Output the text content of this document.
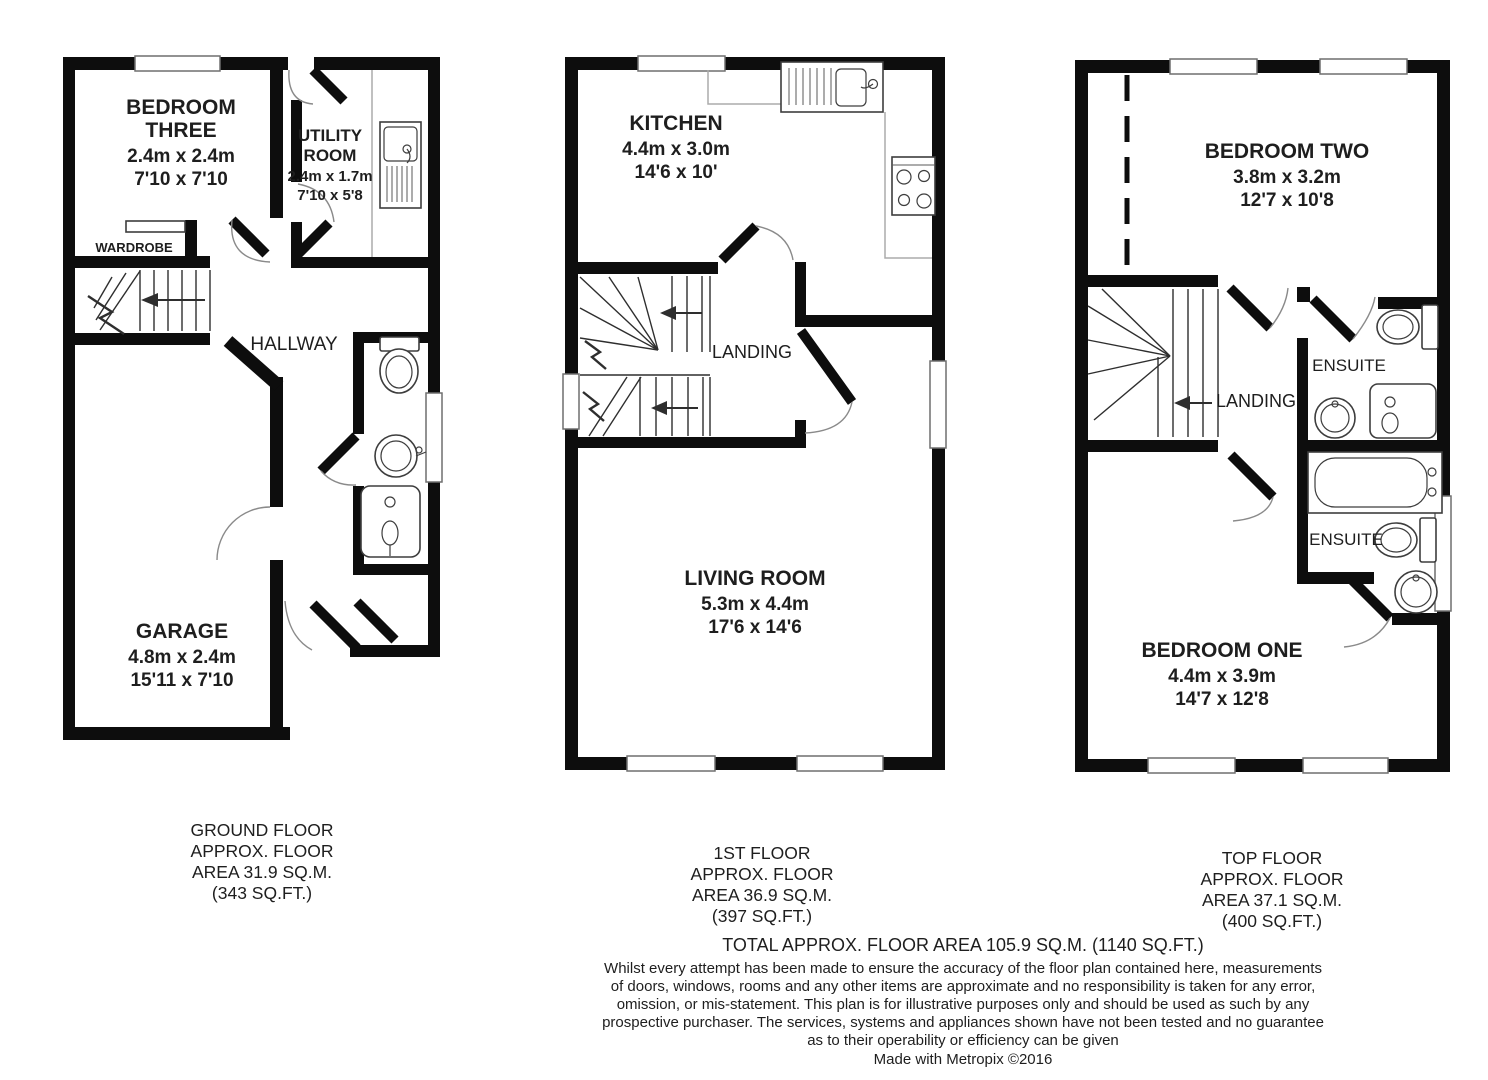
BEDROOM
THREE
2.4m x 2.4m
7'10 x 7'10
UTILITY
ROOM
2.4m x 1.7m
7'10 x 5'8
WARDROBE
HALLWAY
GARAGE
4.8m x 2.4m
15'11 x 7'10
KITCHEN
4.4m x 3.0m
14'6 x 10'
LANDING
LIVING ROOM
5.3m x 4.4m
17'6 x 14'6
BEDROOM TWO
3.8m x 3.2m
12'7 x 10'8
LANDING
ENSUITE
ENSUITE
BEDROOM ONE
4.4m x 3.9m
14'7 x 12'8
GROUND FLOOR
APPROX. FLOOR
AREA 31.9 SQ.M.
(343 SQ.FT.)
1ST FLOOR
APPROX. FLOOR
AREA 36.9 SQ.M.
(397 SQ.FT.)
TOP FLOOR
APPROX. FLOOR
AREA 37.1 SQ.M.
(400 SQ.FT.)
TOTAL APPROX. FLOOR AREA 105.9 SQ.M. (1140 SQ.FT.)
Whilst every attempt has been made to ensure the accuracy of the floor plan contained here, measurements
of doors, windows, rooms and any other items are approximate and no responsibility is taken for any error,
omission, or mis-statement. This plan is for illustrative purposes only and should be used as such by any
prospective purchaser. The services, systems and appliances shown have not been tested and no guarantee
as to their operability or efficiency can be given
Made with Metropix ©2016
